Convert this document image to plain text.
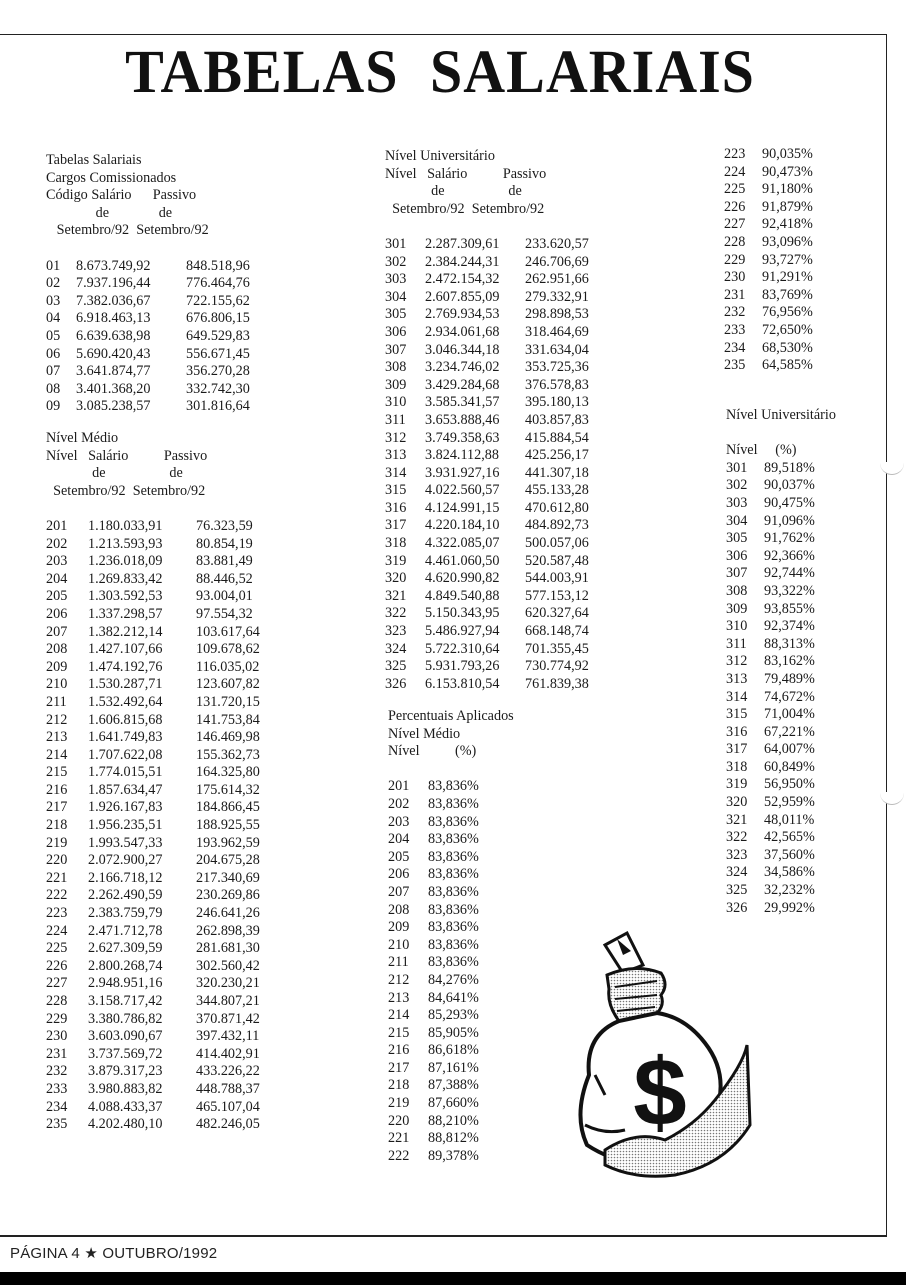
TABELAS SALARIAIS
Tabelas Salariais
Cargos Comissionados
Código Salário      Passivo
de              de
Setembro/92  Setembro/92
01	8.673.749,92	848.518,96
02	7.937.196,44	776.464,76
03	7.382.036,67	722.155,62
04	6.918.463,13	676.806,15
05	6.639.638,98	649.529,83
06	5.690.420,43	556.671,45
07	3.641.874,77	356.270,28
08	3.401.368,20	332.742,30
09	3.085.238,57	301.816,64
Nível Médio
Nível   Salário          Passivo
de                  de
Setembro/92  Setembro/92
201	1.180.033,91	76.323,59
202	1.213.593,93	80.854,19
203	1.236.018,09	83.881,49
204	1.269.833,42	88.446,52
205	1.303.592,53	93.004,01
206	1.337.298,57	97.554,32
207	1.382.212,14	103.617,64
208	1.427.107,66	109.678,62
209	1.474.192,76	116.035,02
210	1.530.287,71	123.607,82
211	1.532.492,64	131.720,15
212	1.606.815,68	141.753,84
213	1.641.749,83	146.469,98
214	1.707.622,08	155.362,73
215	1.774.015,51	164.325,80
216	1.857.634,47	175.614,32
217	1.926.167,83	184.866,45
218	1.956.235,51	188.925,55
219	1.993.547,33	193.962,59
220	2.072.900,27	204.675,28
221	2.166.718,12	217.340,69
222	2.262.490,59	230.269,86
223	2.383.759,79	246.641,26
224	2.471.712,78	262.898,39
225	2.627.309,59	281.681,30
226	2.800.268,74	302.560,42
227	2.948.951,16	320.230,21
228	3.158.717,42	344.807,21
229	3.380.786,82	370.871,42
230	3.603.090,67	397.432,11
231	3.737.569,72	414.402,91
232	3.879.317,23	433.226,22
233	3.980.883,82	448.788,37
234	4.088.433,37	465.107,04
235	4.202.480,10	482.246,05
Nível Universitário
Nível   Salário          Passivo
de                  de
Setembro/92  Setembro/92
301	2.287.309,61	233.620,57
302	2.384.244,31	246.706,69
303	2.472.154,32	262.951,66
304	2.607.855,09	279.332,91
305	2.769.934,53	298.898,53
306	2.934.061,68	318.464,69
307	3.046.344,18	331.634,04
308	3.234.746,02	353.725,36
309	3.429.284,68	376.578,83
310	3.585.341,57	395.180,13
311	3.653.888,46	403.857,83
312	3.749.358,63	415.884,54
313	3.824.112,88	425.256,17
314	3.931.927,16	441.307,18
315	4.022.560,57	455.133,28
316	4.124.991,15	470.612,80
317	4.220.184,10	484.892,73
318	4.322.085,07	500.057,06
319	4.461.060,50	520.587,48
320	4.620.990,82	544.003,91
321	4.849.540,88	577.153,12
322	5.150.343,95	620.327,64
323	5.486.927,94	668.148,74
324	5.722.310,64	701.355,45
325	5.931.793,26	730.774,92
326	6.153.810,54	761.839,38
Percentuais Aplicados
Nível Médio
Nível          (%)
201	83,836%
202	83,836%
203	83,836%
204	83,836%
205	83,836%
206	83,836%
207	83,836%
208	83,836%
209	83,836%
210	83,836%
211	83,836%
212	84,276%
213	84,641%
214	85,293%
215	85,905%
216	86,618%
217	87,161%
218	87,388%
219	87,660%
220	88,210%
221	88,812%
222	89,378%
223	90,035%
224	90,473%
225	91,180%
226	91,879%
227	92,418%
228	93,096%
229	93,727%
230	91,291%
231	83,769%
232	76,956%
233	72,650%
234	68,530%
235	64,585%
Nível Universitário
Nível     (%)
301	89,518%
302	90,037%
303	90,475%
304	91,096%
305	91,762%
306	92,366%
307	92,744%
308	93,322%
309	93,855%
310	92,374%
311	88,313%
312	83,162%
313	79,489%
314	74,672%
315	71,004%
316	67,221%
317	64,007%
318	60,849%
319	56,950%
320	52,959%
321	48,011%
322	42,565%
323	37,560%
324	34,586%
325	32,232%
326	29,992%
$
PÁGINA 4 ★ OUTUBRO/1992
